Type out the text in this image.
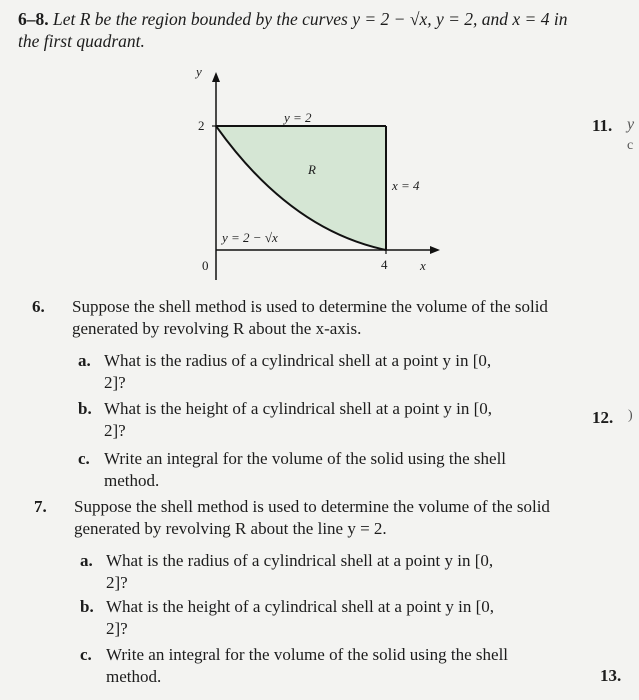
6–8. Let R be the region bounded by the curves y = 2 − √x, y = 2, and x = 4 in the first quadrant.
y
2
y = 2
R
x = 4
y = 2 − √x
0	4	x
11. y
c
12. )
13.
6. Suppose the shell method is used to determine the volume of the solid generated by revolving R about the x-axis.
a. What is the radius of a cylindrical shell at a point y in [0, 2]?
b. What is the height of a cylindrical shell at a point y in [0, 2]?
c. Write an integral for the volume of the solid using the shell method.
7. Suppose the shell method is used to determine the volume of the solid generated by revolving R about the line y = 2.
a. What is the radius of a cylindrical shell at a point y in [0, 2]?
b. What is the height of a cylindrical shell at a point y in [0, 2]?
c. Write an integral for the volume of the solid using the shell method.
